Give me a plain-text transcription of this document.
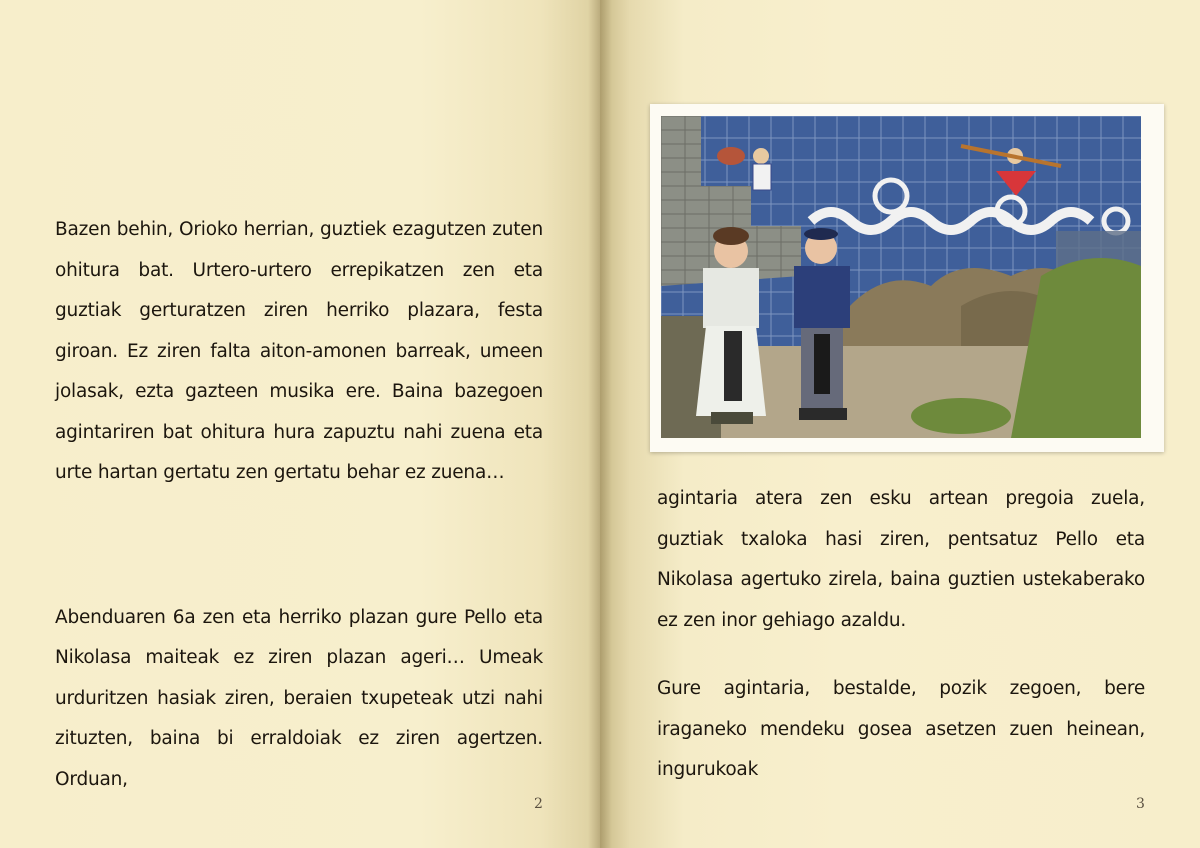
Bazen behin, Orioko herrian, guztiek ezagutzen zuten ohitura bat. Urtero-urtero errepikatzen zen eta guztiak gerturatzen ziren herriko plazara, festa giroan. Ez ziren falta aiton-amonen barreak, umeen jolasak, ezta gazteen musika ere. Baina bazegoen agintariren bat ohitura hura zapuztu nahi zuena eta urte hartan gertatu zen gertatu behar ez zuena…

Abenduaren 6a zen eta herriko plazan gure Pello eta Nikolasa maiteak ez ziren plazan ageri… Umeak urduritzen hasiak ziren, beraien txupeteak utzi nahi zituzten, baina bi erraldoiak ez ziren agertzen. Orduan,

2

agintaria atera zen esku artean pregoia zuela, guztiak txaloka hasi ziren, pentsatuz Pello eta Nikolasa agertuko zirela, baina guztien ustekaberako ez zen inor gehiago azaldu.

Gure agintaria, bestalde, pozik zegoen, bere iraganeko mendeku gosea asetzen zuen heinean, ingurukoak

3
